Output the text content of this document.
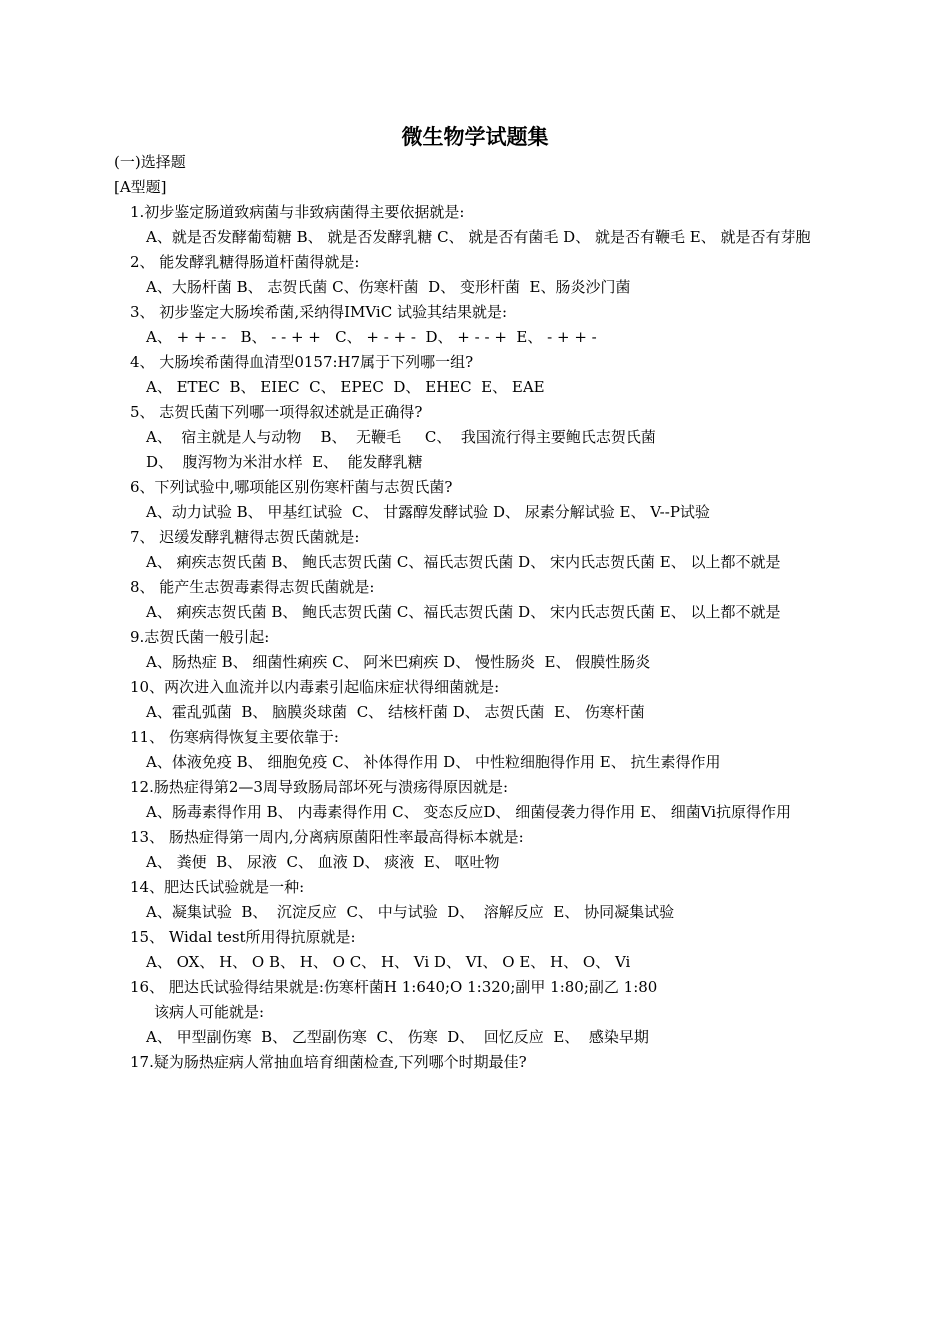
微生物学试题集
(一)选择题
[A型题]
1.初步鉴定肠道致病菌与非致病菌得主要依据就是:
A、就是否发酵葡萄糖 B、 就是否发酵乳糖 C、 就是否有菌毛 D、 就是否有鞭毛 E、 就是否有芽胞
2、 能发酵乳糖得肠道杆菌得就是:
A、大肠杆菌 B、 志贺氏菌 C、伤寒杆菌  D、 变形杆菌  E、肠炎沙门菌
3、 初步鉴定大肠埃希菌,采纳得IMViC 试验其结果就是:
A、 + + - -   B、 - - + +   C、 + - + -  D、 + - - +  E、 - + + -
4、 大肠埃希菌得血清型0157:H7属于下列哪一组?
A、 ETEC  B、 EIEC  C、 EPEC  D、 EHEC  E、 EAE
5、 志贺氏菌下列哪一项得叙述就是正确得?
A、  宿主就是人与动物    B、  无鞭毛     C、  我国流行得主要鲍氏志贺氏菌
D、  腹泻物为米泔水样  E、  能发酵乳糖
6、下列试验中,哪项能区别伤寒杆菌与志贺氏菌?
A、动力试验 B、 甲基红试验  C、 甘露醇发酵试验 D、 尿素分解试验 E、 V--P试验
7、 迟缓发酵乳糖得志贺氏菌就是:
A、 痢疾志贺氏菌 B、 鲍氏志贺氏菌 C、福氏志贺氏菌 D、 宋内氏志贺氏菌 E、 以上都不就是
8、 能产生志贺毒素得志贺氏菌就是:
A、 痢疾志贺氏菌 B、 鲍氏志贺氏菌 C、福氏志贺氏菌 D、 宋内氏志贺氏菌 E、 以上都不就是
9.志贺氏菌一般引起:
A、肠热症 B、 细菌性痢疾 C、 阿米巴痢疾 D、 慢性肠炎  E、 假膜性肠炎
10、两次进入血流并以内毒素引起临床症状得细菌就是:
A、霍乱弧菌  B、 脑膜炎球菌  C、 结核杆菌 D、 志贺氏菌  E、 伤寒杆菌
11、 伤寒病得恢复主要依靠于:
A、体液免疫 B、 细胞免疫 C、 补体得作用 D、 中性粒细胞得作用 E、 抗生素得作用
12.肠热症得第2—3周导致肠局部坏死与溃疡得原因就是:
A、肠毒素得作用 B、 内毒素得作用 C、 变态反应D、 细菌侵袭力得作用 E、 细菌Vi抗原得作用
13、 肠热症得第一周内,分离病原菌阳性率最高得标本就是:
A、 粪便  B、 尿液  C、 血液 D、 痰液  E、 呕吐物
14、肥达氏试验就是一种:
A、凝集试验  B、  沉淀反应  C、 中与试验  D、  溶解反应  E、 协同凝集试验
15、 Widal test所用得抗原就是:
A、 OX、 H、 O B、 H、 O C、 H、 Vi D、 VI、 O E、 H、 O、 Vi
16、 肥达氏试验得结果就是:伤寒杆菌H 1:640;O 1:320;副甲 1:80;副乙 1:80
该病人可能就是:
A、 甲型副伤寒  B、 乙型副伤寒  C、 伤寒  D、  回忆反应  E、  感染早期
17.疑为肠热症病人常抽血培育细菌检查,下列哪个时期最佳?
